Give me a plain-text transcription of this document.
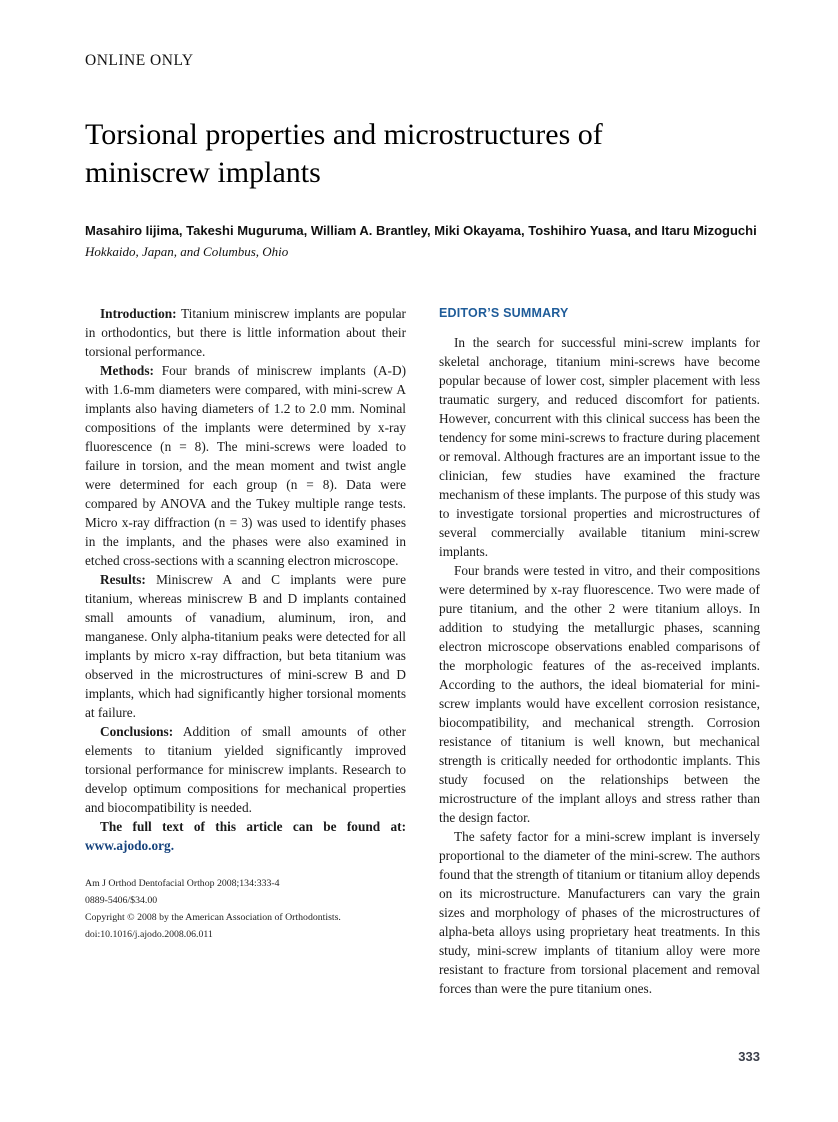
ONLINE ONLY
Torsional properties and microstructures of miniscrew implants
Masahiro Iijima, Takeshi Muguruma, William A. Brantley, Miki Okayama, Toshihiro Yuasa, and Itaru Mizoguchi
Hokkaido, Japan, and Columbus, Ohio

Introduction: Titanium miniscrew implants are popular in orthodontics, but there is little information about their torsional performance.

Methods: Four brands of miniscrew implants (A-D) with 1.6-mm diameters were compared, with mini-screw A implants also having diameters of 1.2 to 2.0 mm. Nominal compositions of the implants were determined by x-ray fluorescence (n = 8). The mini-screws were loaded to failure in torsion, and the mean moment and twist angle were determined for each group (n = 8). Data were compared by ANOVA and the Tukey multiple range tests. Micro x-ray diffraction (n = 3) was used to identify phases in the implants, and the phases were also examined in etched cross-sections with a scanning electron microscope.

Results: Miniscrew A and C implants were pure titanium, whereas miniscrew B and D implants contained small amounts of vanadium, aluminum, iron, and manganese. Only alpha-titanium peaks were detected for all implants by micro x-ray diffraction, but beta titanium was observed in the microstructures of mini-screw B and D implants, which had significantly higher torsional moments at failure.

Conclusions: Addition of small amounts of other elements to titanium yielded significantly improved torsional performance for miniscrew implants. Research to develop optimum compositions for mechanical properties and biocompatibility is needed.

The full text of this article can be found at: www.ajodo.org.

Am J Orthod Dentofacial Orthop 2008;134:333-4
0889-5406/$34.00
Copyright © 2008 by the American Association of Orthodontists.
doi:10.1016/j.ajodo.2008.06.011
EDITOR’S SUMMARY

In the search for successful mini-screw implants for skeletal anchorage, titanium mini-screws have become popular because of lower cost, simpler placement with less traumatic surgery, and reduced discomfort for patients. However, concurrent with this clinical success has been the tendency for some mini-screws to fracture during placement or removal. Although fractures are an important issue to the clinician, few studies have examined the fracture mechanism of these implants. The purpose of this study was to investigate torsional properties and microstructures of several commercially available titanium mini-screw implants.

Four brands were tested in vitro, and their compositions were determined by x-ray fluorescence. Two were made of pure titanium, and the other 2 were titanium alloys. In addition to studying the metallurgic phases, scanning electron microscope observations enabled comparisons of the morphologic features of the as-received implants. According to the authors, the ideal biomaterial for mini-screw implants would have excellent corrosion resistance, biocompatibility, and mechanical strength. Corrosion resistance of titanium is well known, but mechanical strength is critically needed for orthodontic implants. This study focused on the relationships between the microstructure of the implant alloys and stress rather than the design factor.

The safety factor for a mini-screw implant is inversely proportional to the diameter of the mini-screw. The authors found that the strength of titanium or titanium alloy depends on its microstructure. Manufacturers can vary the grain sizes and morphology of phases of the microstructures of alpha-beta alloys using proprietary heat treatments. In this study, mini-screw implants of titanium alloy were more resistant to fracture from torsional placement and removal forces than were the pure titanium ones.

333
